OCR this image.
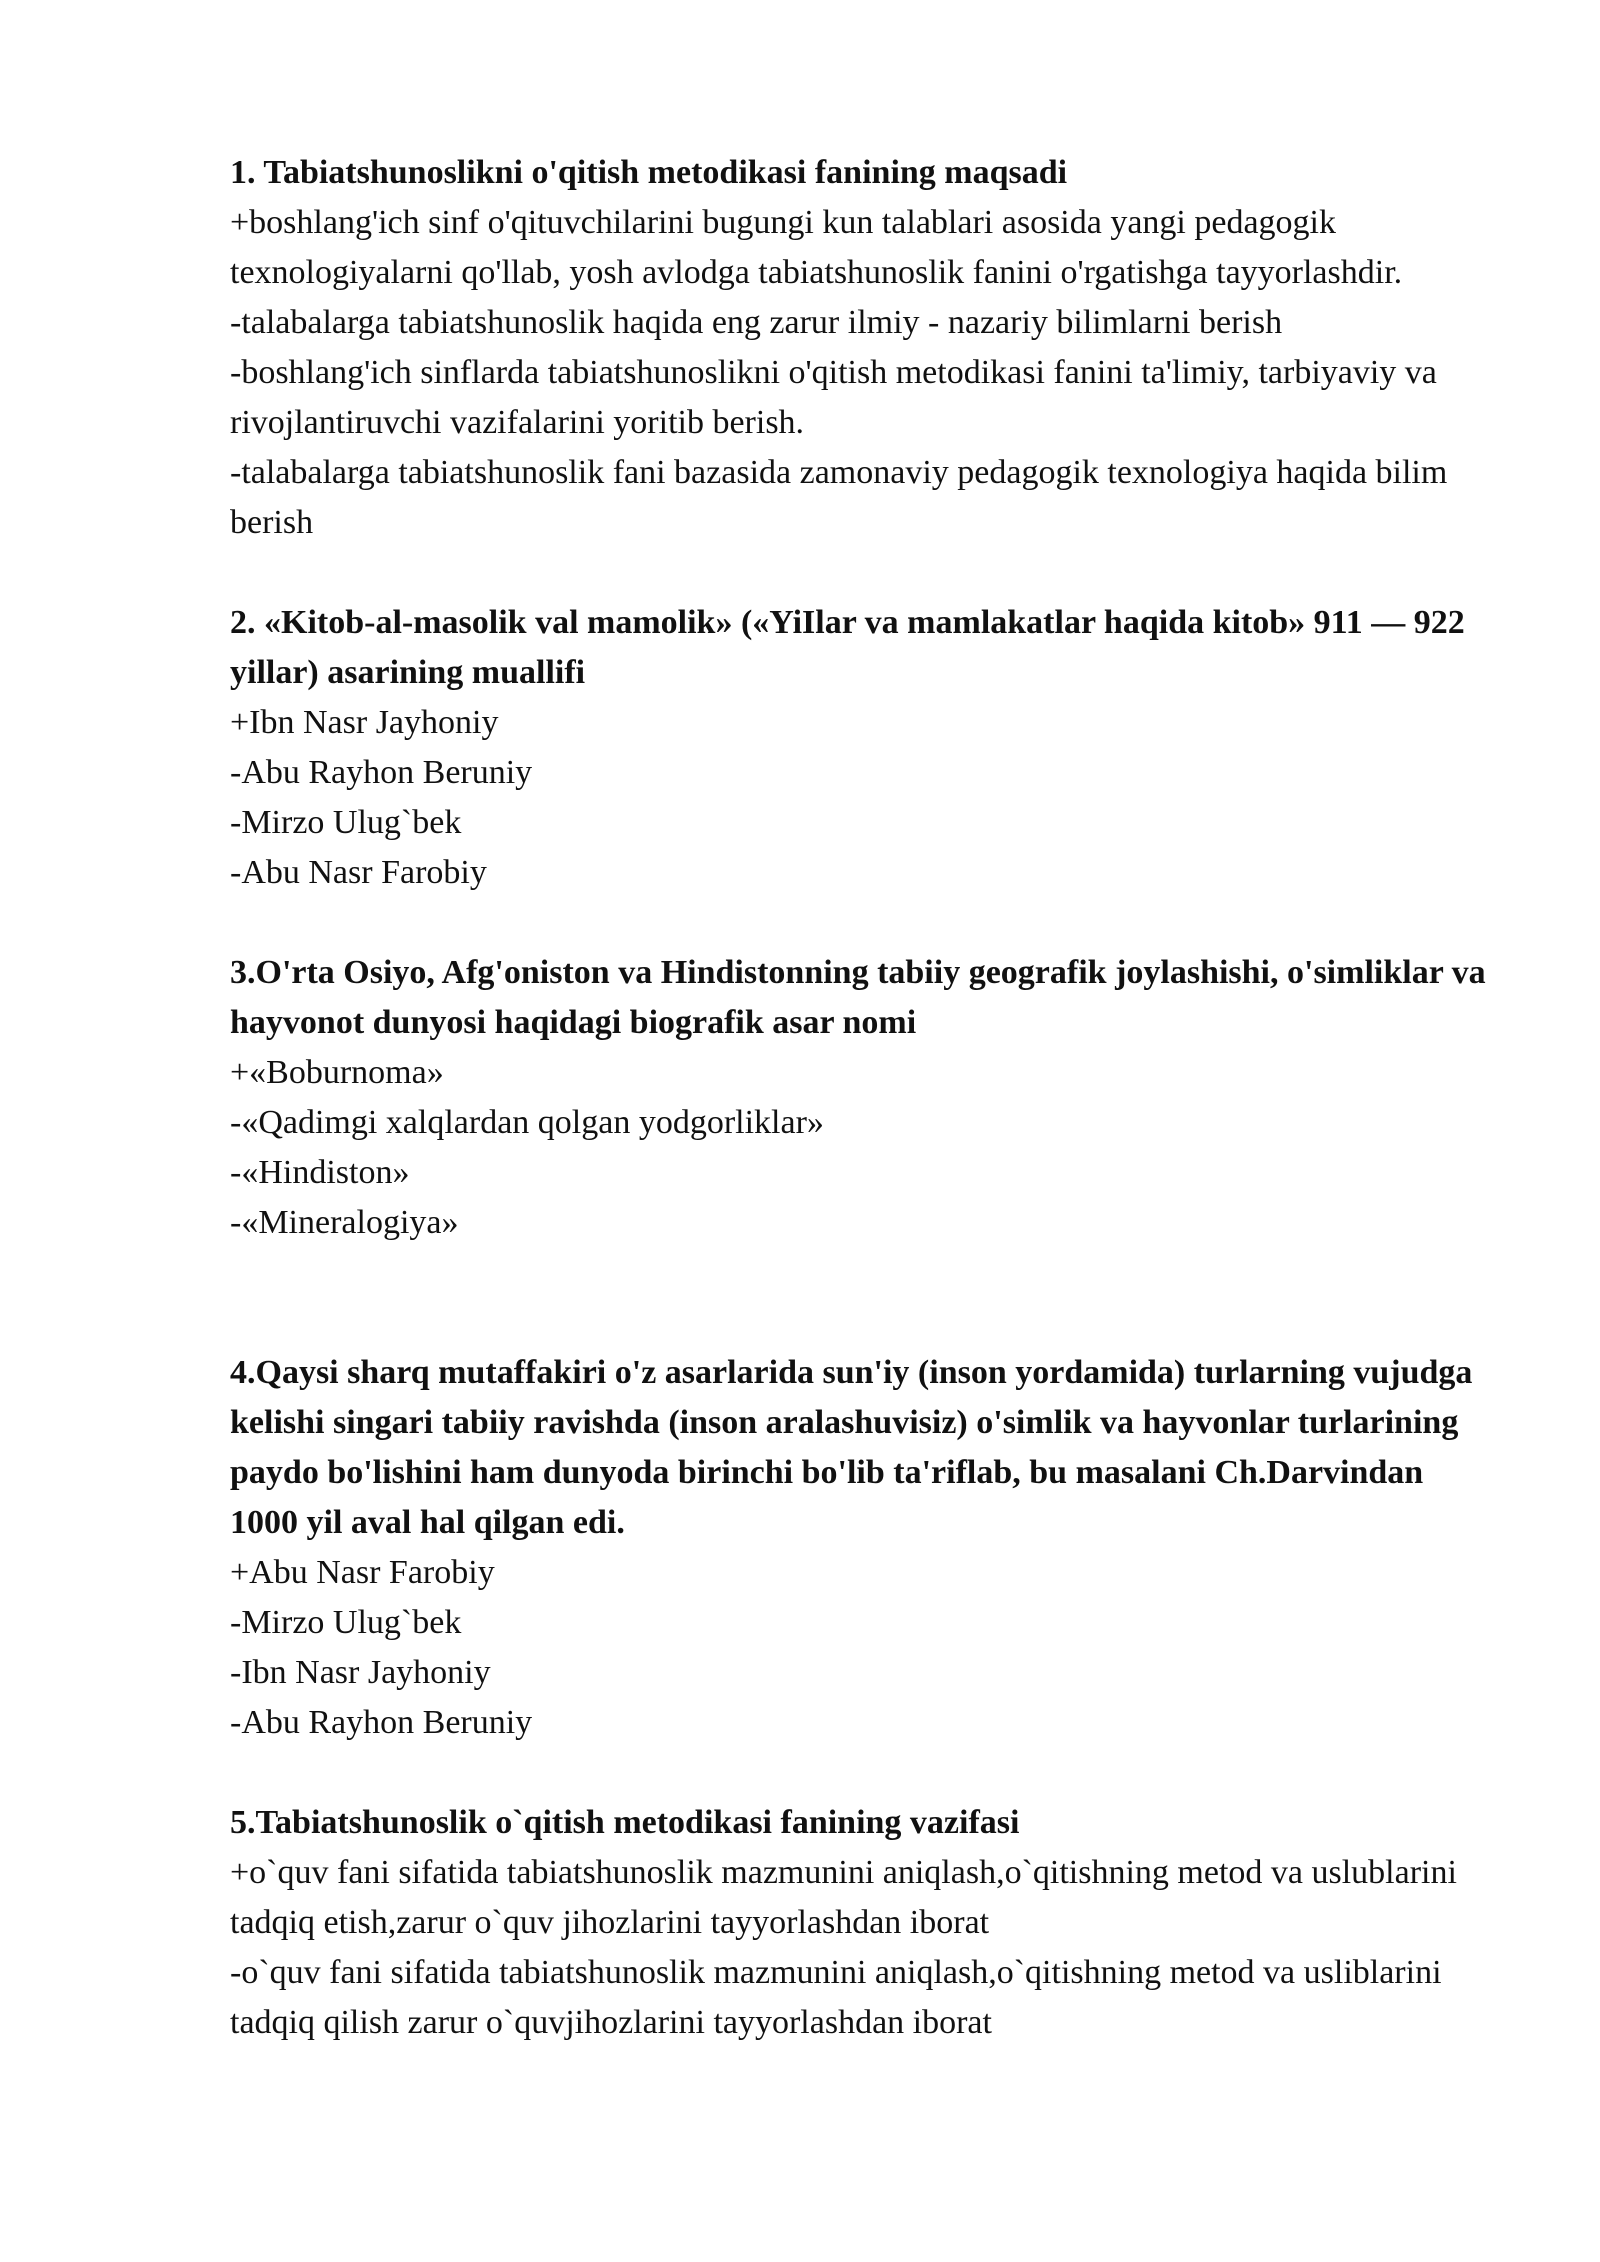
1. Tabiatshunoslikni o'qitish metodikasi fanining maqsadi

+boshlang'ich sinf o'qituvchilarini bugungi kun talablari asosida yangi pedagogik texnologiyalarni qo'llab, yosh avlodga tabiatshunoslik fanini o'rgatishga tayyorlashdir.

-talabalarga tabiatshunoslik haqida eng zarur ilmiy - nazariy bilimlarni berish

-boshlang'ich sinflarda tabiatshunoslikni o'qitish metodikasi fanini ta'limiy, tarbiyaviy va rivojlantiruvchi vazifalarini yoritib berish.

-talabalarga tabiatshunoslik fani bazasida zamonaviy pedagogik texnologiya haqida bilim berish

2. «Kitob-al-masolik val mamolik» («YiIlar va mamlakatlar haqida kitob» 911 — 922 yillar) asarining muallifi

+Ibn Nasr Jayhoniy

-Abu Rayhon Beruniy

-Mirzo Ulug`bek

-Abu Nasr Farobiy

3.O'rta Osiyo, Afg'oniston va Hindistonning tabiiy geografik joylashishi, o'simliklar va hayvonot dunyosi haqidagi biografik asar nomi

+«Boburnoma»

-«Qadimgi xalqlardan qolgan yodgorliklar»

-«Hindiston»

-«Mineralogiya»

4.Qaysi sharq mutaffakiri o'z asarlarida sun'iy (inson yordamida) turlarning vujudga kelishi singari tabiiy ravishda (inson aralashuvisiz) o'simlik va hayvonlar turlarining paydo bo'lishini ham dunyoda birinchi bo'lib ta'riflab, bu masalani Ch.Darvindan 1000 yil aval hal qilgan edi.

+Abu Nasr Farobiy

-Mirzo Ulug`bek

-Ibn Nasr Jayhoniy

-Abu Rayhon Beruniy

5.Tabiatshunoslik o`qitish metodikasi fanining vazifasi

+o`quv fani sifatida tabiatshunoslik mazmunini aniqlash,o`qitishning metod va uslublarini tadqiq etish,zarur o`quv jihozlarini tayyorlashdan iborat

-o`quv fani sifatida tabiatshunoslik mazmunini aniqlash,o`qitishning metod va usliblarini tadqiq qilish zarur o`quvjihozlarini tayyorlashdan iborat
